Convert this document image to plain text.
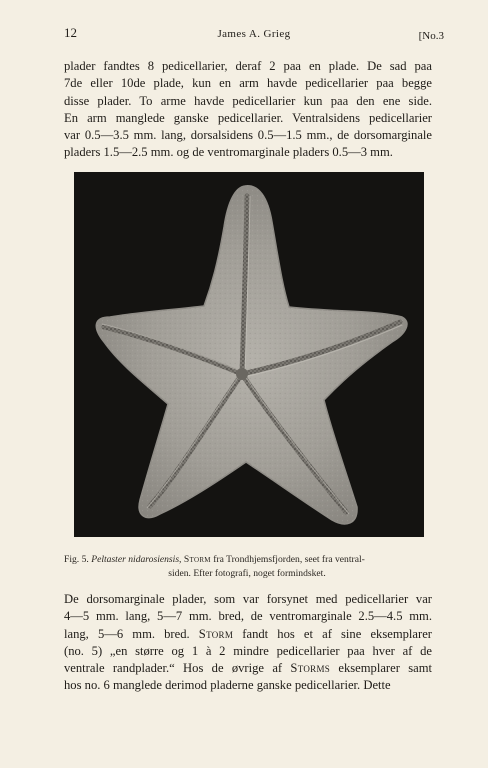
12	James A. Grieg	[No.3
plader fandtes 8 pedicellarier, deraf 2 paa en plade. De sad paa
7de eller 10de plade, kun en arm havde pedicellarier paa begge
disse plader. To arme havde pedicellarier kun paa den ene side.
En arm manglede ganske pedicellarier. Ventralsidens pedicellarier
var 0.5—3.5 mm. lang, dorsalsidens 0.5—1.5 mm., de dorsomarginale
pladers 1.5—2.5 mm. og de ventromarginale pladers 0.5—3 mm.
Fig. 5. Peltaster nidarosiensis, Storm fra Trondhjemsfjorden, seet fra ventral-
siden. Efter fotografi, noget formindsket.
De dorsomarginale plader, som var forsynet med pedicellarier var
4—5 mm. lang, 5—7 mm. bred, de ventromarginale 2.5—4.5 mm.
lang, 5—6 mm. bred. Storm fandt hos et af sine eksemplarer
(no. 5) „en større og 1 à 2 mindre pedicellarier paa hver af de
ventrale randplader.“ Hos de øvrige af Storms eksemplarer samt
hos no. 6 manglede derimod pladerne ganske pedicellarier. Dette
